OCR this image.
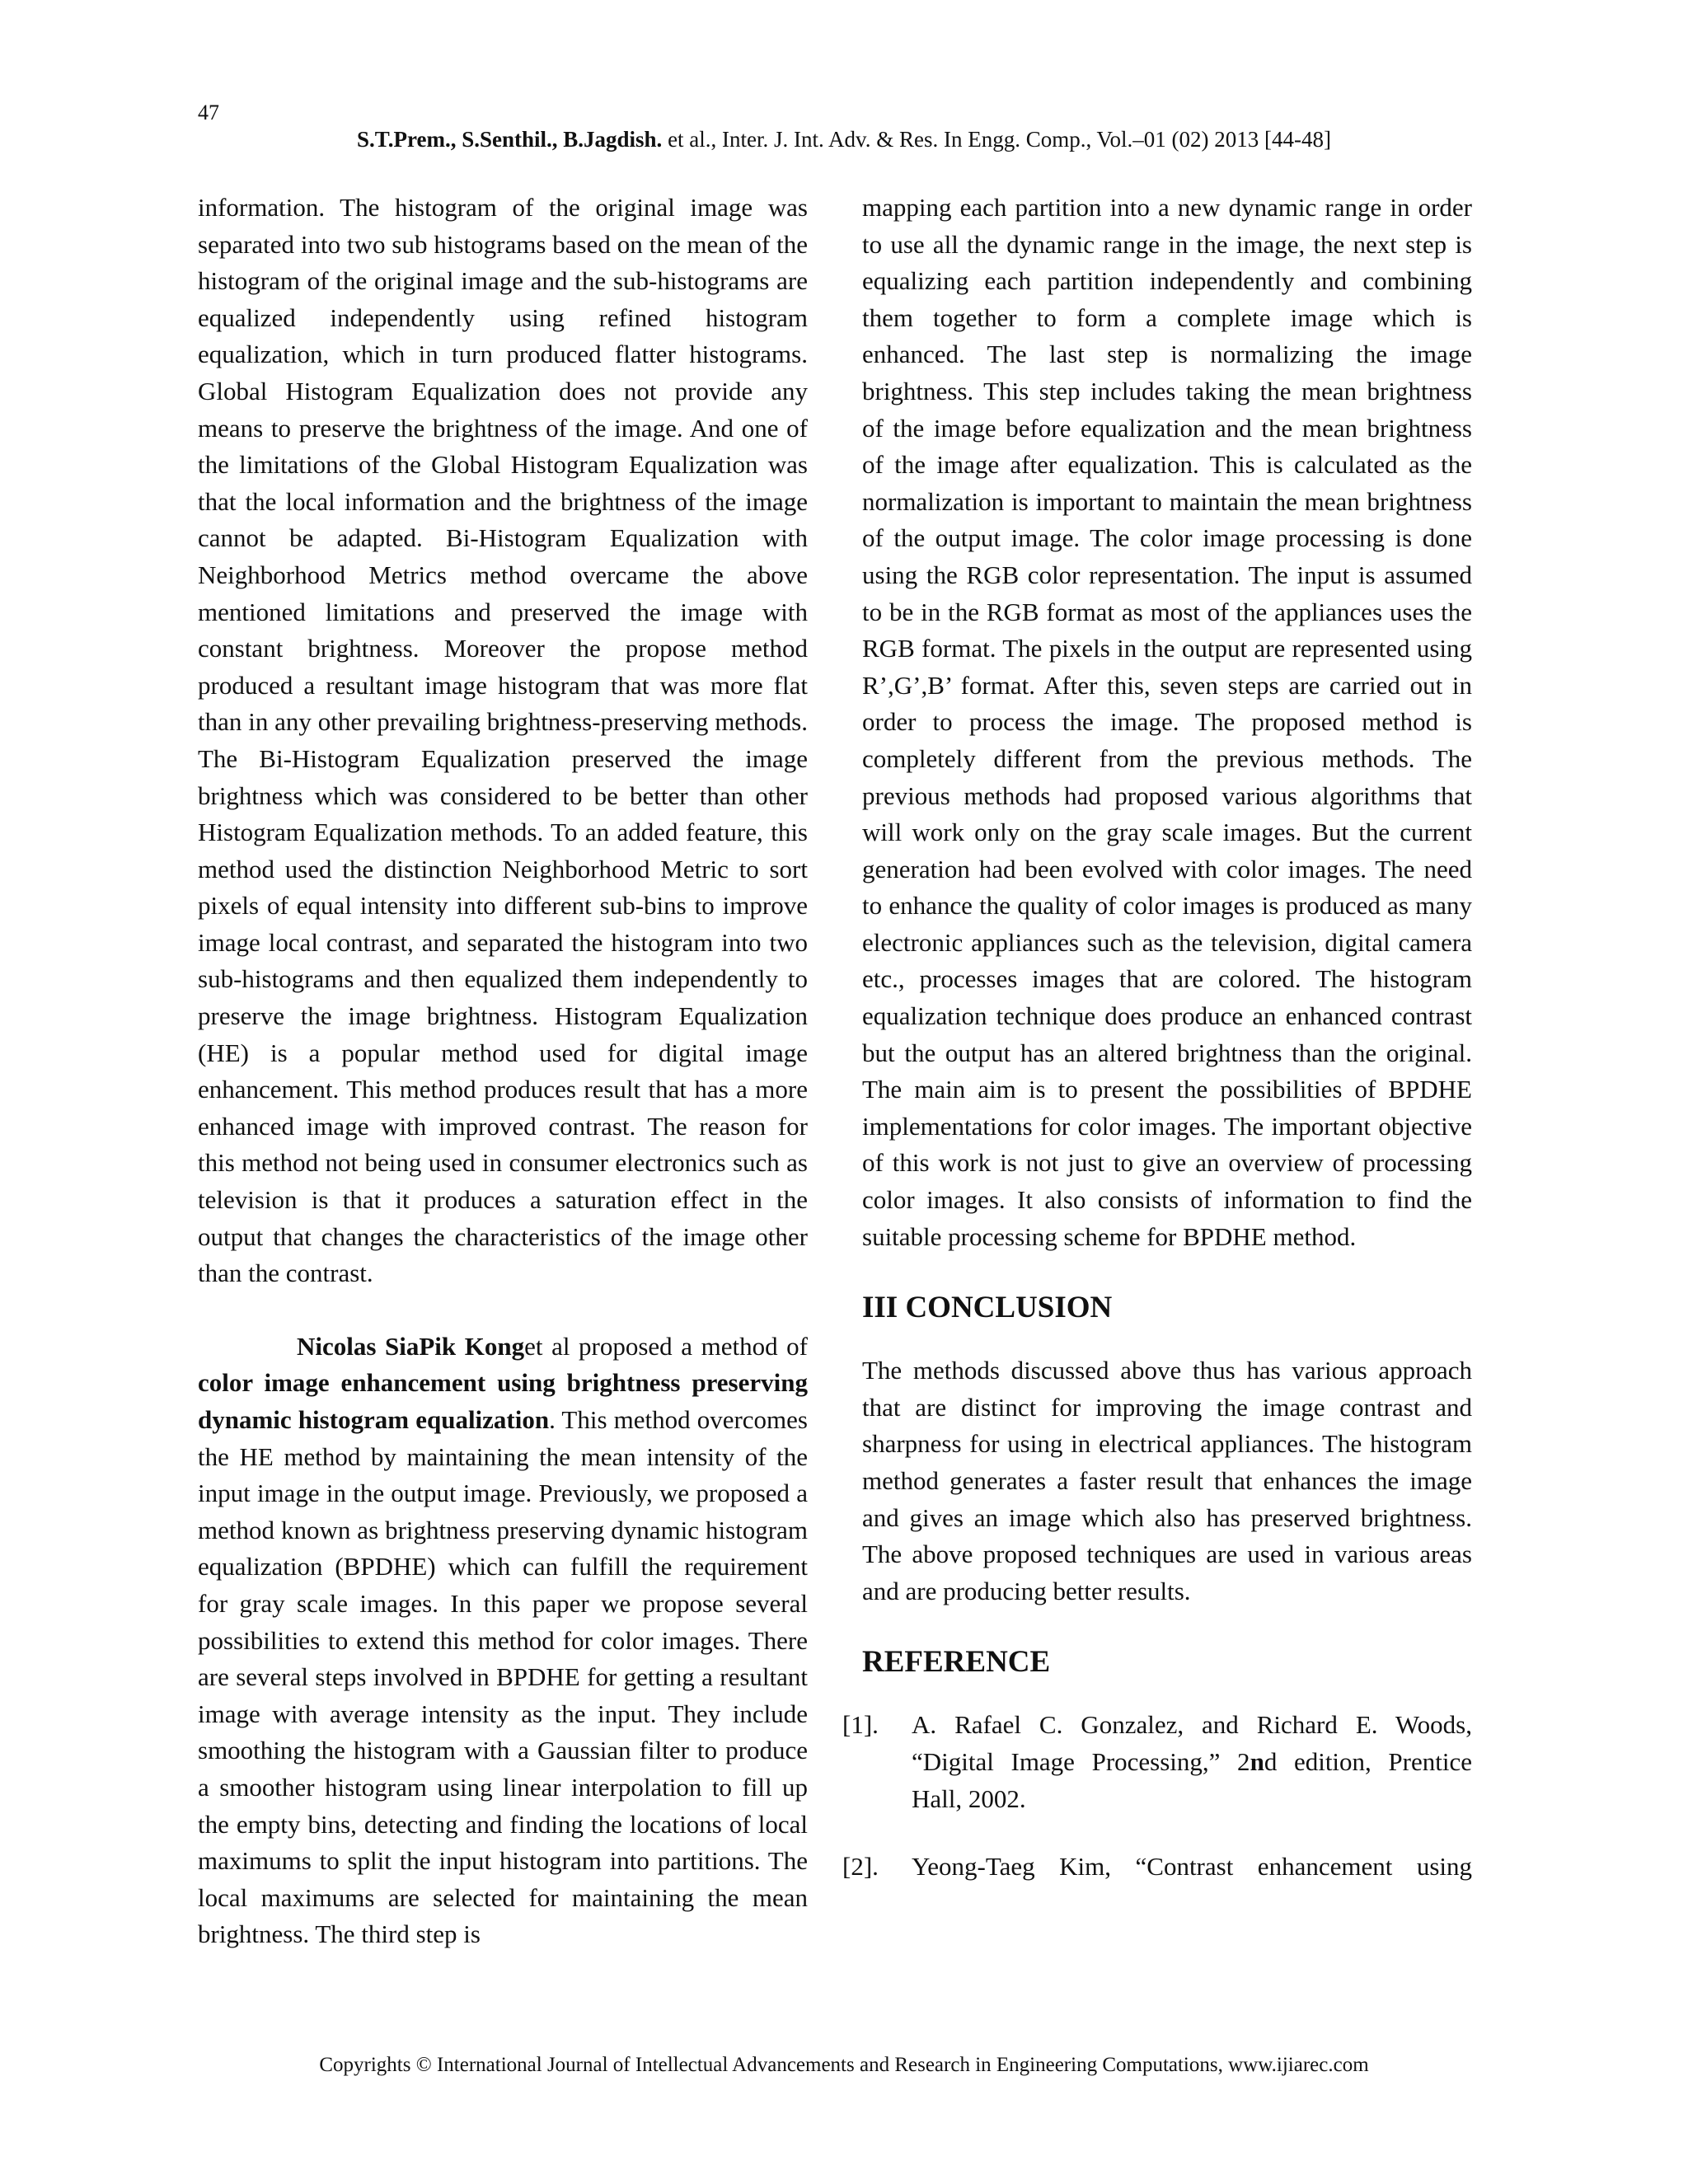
47
S.T.Prem., S.Senthil., B.Jagdish. et al., Inter. J. Int. Adv. & Res. In Engg. Comp., Vol.–01 (02) 2013 [44-48]

information. The histogram of the original image was separated into two sub histograms based on the mean of the histogram of the original image and the sub-histograms are equalized independently using refined histogram equalization, which in turn produced flatter histograms. Global Histogram Equalization does not provide any means to preserve the brightness of the image. And one of the limitations of the Global Histogram Equalization was that the local information and the brightness of the image cannot be adapted. Bi-Histogram Equalization with Neighborhood Metrics method overcame the above mentioned limitations and preserved the image with constant brightness. Moreover the propose method produced a resultant image histogram that was more flat than in any other prevailing brightness-preserving methods. The Bi-Histogram Equalization preserved the image brightness which was considered to be better than other Histogram Equalization methods. To an added feature, this method used the distinction Neighborhood Metric to sort pixels of equal intensity into different sub-bins to improve image local contrast, and separated the histogram into two sub-histograms and then equalized them independently to preserve the image brightness. Histogram Equalization (HE) is a popular method used for digital image enhancement. This method produces result that has a more enhanced image with improved contrast. The reason for this method not being used in consumer electronics such as television is that it produces a saturation effect in the output that changes the characteristics of the image other than the contrast.

Nicolas SiaPik Konget al proposed a method of color image enhancement using brightness preserving dynamic histogram equalization. This method overcomes the HE method by maintaining the mean intensity of the input image in the output image. Previously, we proposed a method known as brightness preserving dynamic histogram equalization (BPDHE) which can fulfill the requirement for gray scale images. In this paper we propose several possibilities to extend this method for color images. There are several steps involved in BPDHE for getting a resultant image with average intensity as the input. They include smoothing the histogram with a Gaussian filter to produce a smoother histogram using linear interpolation to fill up the empty bins, detecting and finding the locations of local maximums to split the input histogram into partitions. The local maximums are selected for maintaining the mean brightness. The third step is

mapping each partition into a new dynamic range in order to use all the dynamic range in the image, the next step is equalizing each partition independently and combining them together to form a complete image which is enhanced. The last step is normalizing the image brightness. This step includes taking the mean brightness of the image before equalization and the mean brightness of the image after equalization. This is calculated as the normalization is important to maintain the mean brightness of the output image. The color image processing is done using the RGB color representation. The input is assumed to be in the RGB format as most of the appliances uses the RGB format. The pixels in the output are represented using R’,G’,B’ format. After this, seven steps are carried out in order to process the image. The proposed method is completely different from the previous methods. The previous methods had proposed various algorithms that will work only on the gray scale images. But the current generation had been evolved with color images. The need to enhance the quality of color images is produced as many electronic appliances such as the television, digital camera etc., processes images that are colored. The histogram equalization technique does produce an enhanced contrast but the output has an altered brightness than the original. The main aim is to present the possibilities of BPDHE implementations for color images. The important objective of this work is not just to give an overview of processing color images. It also consists of information to find the suitable processing scheme for BPDHE method.

III CONCLUSION

The methods discussed above thus has various approach that are distinct for improving the image contrast and sharpness for using in electrical appliances. The histogram method generates a faster result that enhances the image and gives an image which also has preserved brightness. The above proposed techniques are used in various areas and are producing better results.

REFERENCE
[1].	A. Rafael C. Gonzalez, and Richard E. Woods, “Digital Image Processing,” 2nd edition, Prentice Hall, 2002.
[2].	Yeong-Taeg Kim, “Contrast enhancement using
Copyrights © International Journal of Intellectual Advancements and Research in Engineering Computations, www.ijiarec.com
